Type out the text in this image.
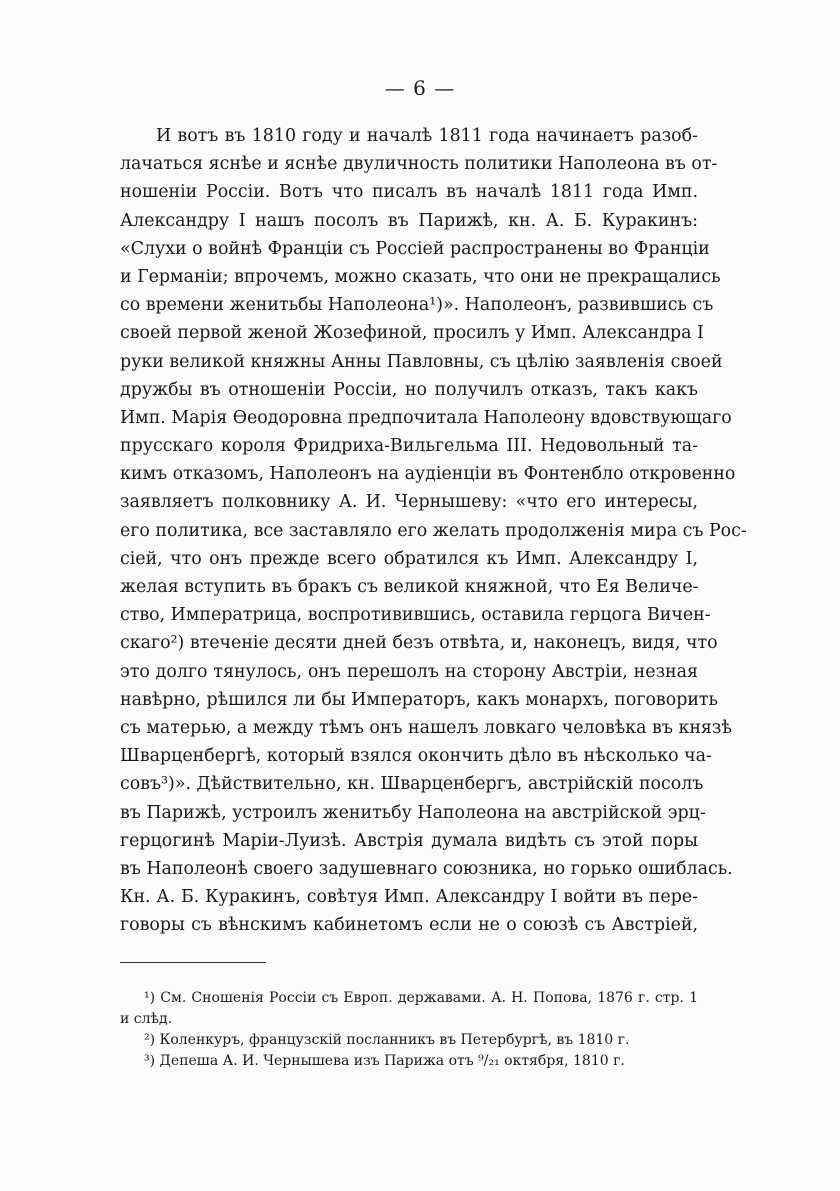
— 6 —
И вотъ въ 1810 году и началѣ 1811 года начинаетъ разоб-
лачаться яснѣе и яснѣе двуличность политики Наполеона въ от-
ношеніи Россіи. Вотъ что писалъ въ началѣ 1811 года Имп.
Александру I нашъ посолъ въ Парижѣ, кн. А. Б. Куракинъ:
«Слухи о войнѣ Франціи съ Россіей распространены во Франціи
и Германіи; впрочемъ, можно сказать, что они не прекращались
со времени женитьбы Наполеона¹)». Наполеонъ, развившись съ
своей первой женой Жозефиной, просилъ у Имп. Александра I
руки великой княжны Анны Павловны, съ цѣлію заявленія своей
дружбы въ отношеніи Россіи, но получилъ отказъ, такъ какъ
Имп. Марія Ѳеодоровна предпочитала Наполеону вдовствующаго
прусскаго короля Фридриха-Вильгельма III. Недовольный та-
кимъ отказомъ, Наполеонъ на аудіенціи въ Фонтенбло откровенно
заявляетъ полковнику А. И. Чернышеву: «что его интересы,
его политика, все заставляло его желать продолженія мира съ Рос-
сіей, что онъ прежде всего обратился къ Имп. Александру I,
желая вступить въ бракъ съ великой княжной, что Ея Величе-
ство, Императрица, воспротивившись, оставила герцога Вичен-
скаго²) втеченіе десяти дней безъ отвѣта, и, наконецъ, видя, что
это долго тянулось, онъ перешолъ на сторону Австріи, незная
навѣрно, рѣшился ли бы Императоръ, какъ монархъ, поговорить
съ матерью, а между тѣмъ онъ нашелъ ловкаго человѣка въ князѣ
Шварценбергѣ, который взялся окончить дѣло въ нѣсколько ча-
совъ³)». Дѣйствительно, кн. Шварценбергъ, австрійскій посолъ
въ Парижѣ, устроилъ женитьбу Наполеона на австрійской эрц-
герцогинѣ Маріи-Луизѣ. Австрія думала видѣть съ этой поры
въ Наполеонѣ своего задушевнаго союзника, но горько ошиблась.
Кн. А. Б. Куракинъ, совѣтуя Имп. Александру I войти въ пере-
говоры съ вѣнскимъ кабинетомъ если не о союзѣ съ Австріей,
¹) См. Сношенія Россіи съ Европ. державами. А. Н. Попова, 1876 г. стр. 1
и слѣд.
²) Коленкуръ, французскій посланникъ въ Петербургѣ, въ 1810 г.
³) Депеша А. И. Чернышева изъ Парижа отъ ⁹/₂₁ октября, 1810 г.
